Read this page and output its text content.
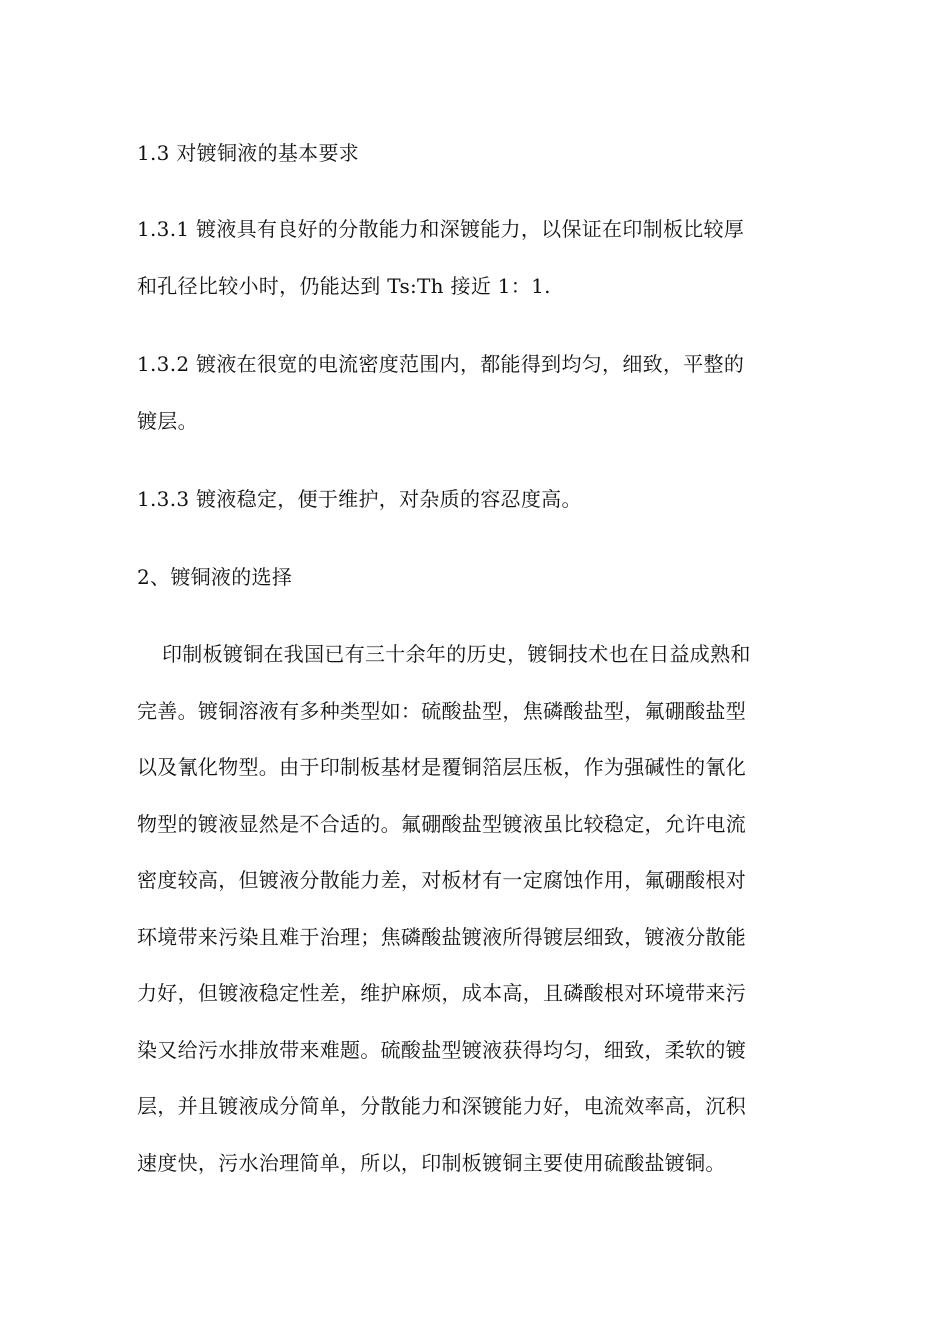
1.3 对镀铜液的基本要求
1.3.1 镀液具有良好的分散能力和深镀能力，以保证在印制板比较厚
和孔径比较小时，仍能达到 Ts:Th 接近 1：1.
1.3.2 镀液在很宽的电流密度范围内，都能得到均匀，细致，平整的
镀层。
1.3.3 镀液稳定，便于维护，对杂质的容忍度高。
2、镀铜液的选择
印制板镀铜在我国已有三十余年的历史，镀铜技术也在日益成熟和
完善。镀铜溶液有多种类型如：硫酸盐型，焦磷酸盐型，氟硼酸盐型
以及氰化物型。由于印制板基材是覆铜箔层压板，作为强碱性的氰化
物型的镀液显然是不合适的。氟硼酸盐型镀液虽比较稳定，允许电流
密度较高，但镀液分散能力差，对板材有一定腐蚀作用，氟硼酸根对
环境带来污染且难于治理；焦磷酸盐镀液所得镀层细致，镀液分散能
力好，但镀液稳定性差，维护麻烦，成本高，且磷酸根对环境带来污
染又给污水排放带来难题。硫酸盐型镀液获得均匀，细致，柔软的镀
层，并且镀液成分简单，分散能力和深镀能力好，电流效率高，沉积
速度快，污水治理简单，所以，印制板镀铜主要使用硫酸盐镀铜。
